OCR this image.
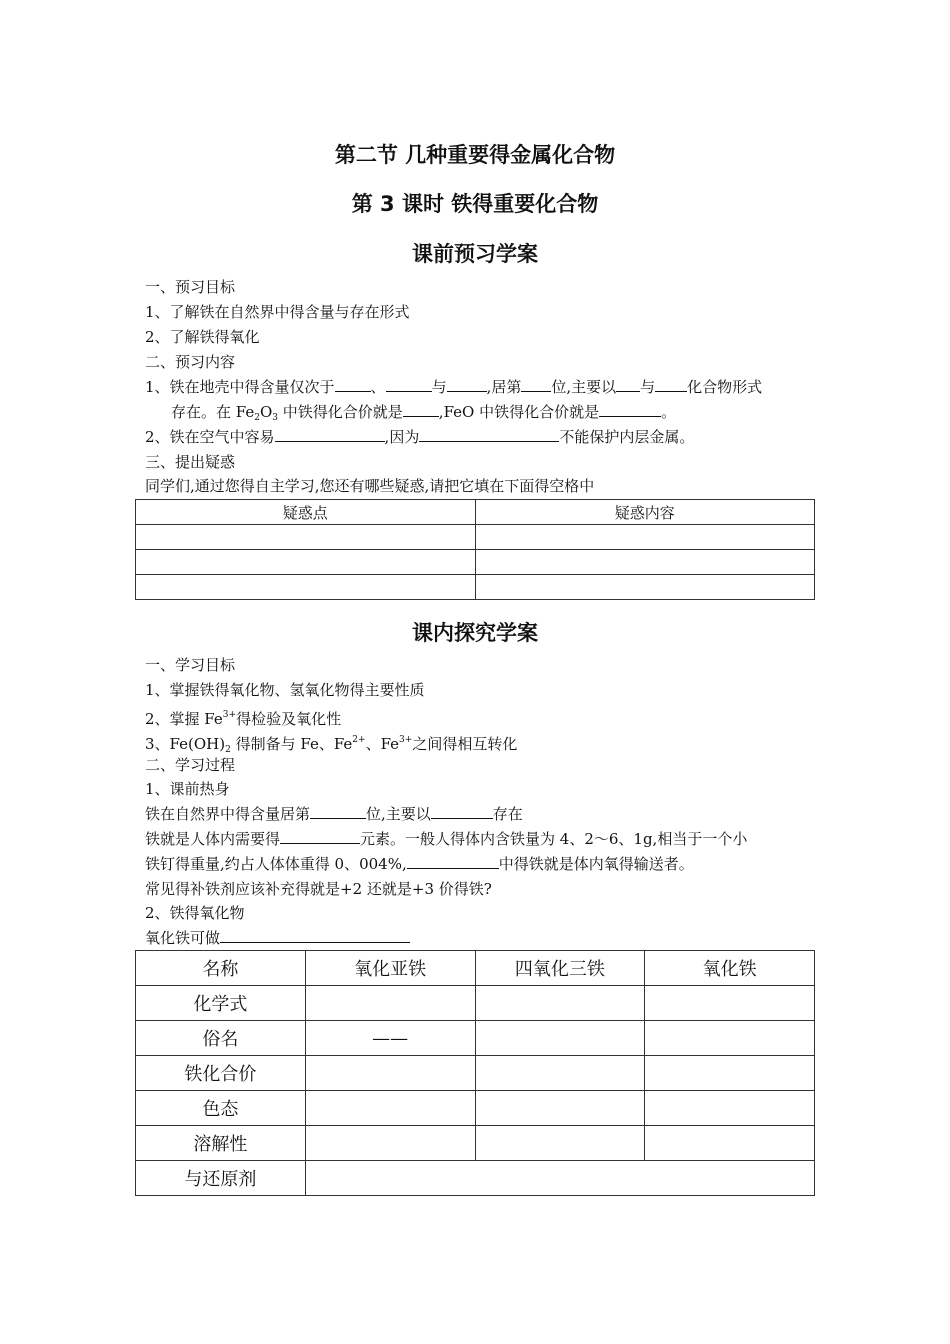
第二节 几种重要得金属化合物
第 3 课时 铁得重要化合物
课前预习学案
一、预习目标
1、了解铁在自然界中得含量与存在形式
2、了解铁得氧化
二、预习内容
1、铁在地壳中得含量仅次于 、	与	,居第 位,主要以 与 化合物形式
存在。在 $Fe_2O_3$ 中铁得化合价就是 ,FeO 中铁得化合价就是	。
2、铁在空气中容易	,因为	不能保护内层金属。
三、提出疑惑
同学们,通过您得自主学习,您还有哪些疑惑,请把它填在下面得空格中
疑惑点	疑惑内容

课内探究学案
一、学习目标
1、掌握铁得氧化物、氢氧化物得主要性质
2、掌握 $Fe^{3+}$得检验及氧化性
3、$Fe(OH)_2$ 得制备与 Fe、$Fe^{2+}$、$Fe^{3+}$之间得相互转化
二、学习过程
1、课前热身
铁在自然界中得含量居第	位,主要以	存在
铁就是人体内需要得	元素。一般人得体内含铁量为 4、2～6、1g,相当于一个小
铁钉得重量,约占人体体重得 0、004%,	中得铁就是体内氧得输送者。
常见得补铁剂应该补充得就是+2 还就是+3 价得铁?
2、铁得氧化物
氧化铁可做
名称	氧化亚铁	四氧化三铁	氧化铁
化学式			
俗名	——		
铁化合价			
色态			
溶解性			
与还原剂			
